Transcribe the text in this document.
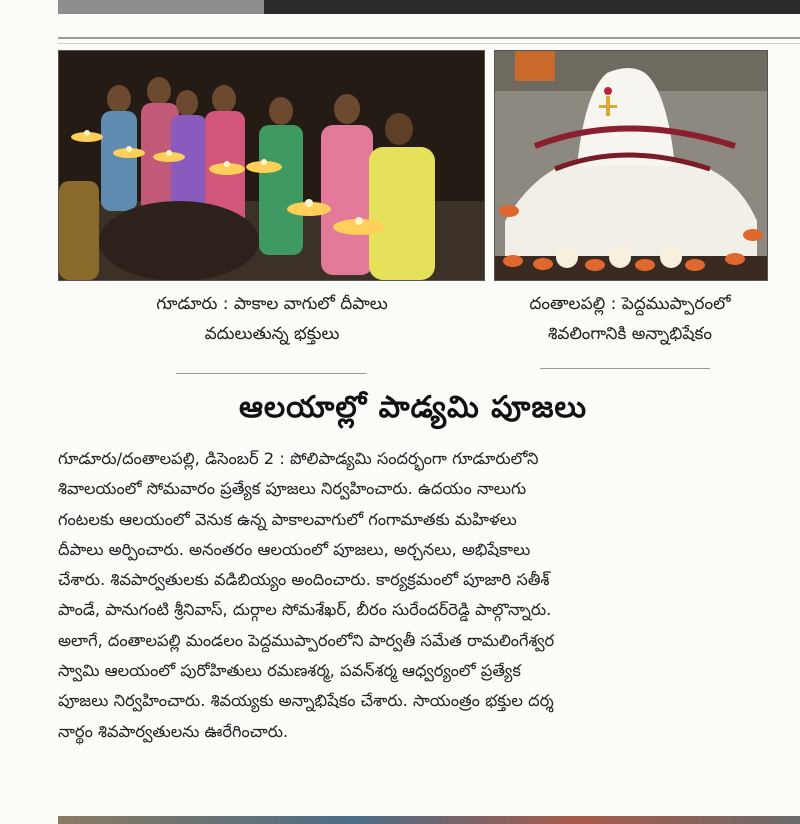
గూడూరు : పాకాల వాగులో దీపాలు
వదులుతున్న భక్తులు
దంతాలపల్లి : పెద్దముప్పారంలో
శివలింగానికి అన్నాభిషేకం
ఆలయాల్లో పాడ్యమి పూజలు
గూడూరు/దంతాలపల్లి, డిసెంబర్ 2 : పోలిపాడ్యమి సందర్భంగా గూడూరులోని
శివాలయంలో సోమవారం ప్రత్యేక పూజలు నిర్వహించారు. ఉదయం నాలుగు
గంటలకు ఆలయంలో వెనుక ఉన్న పాకాలవాగులో గంగామాతకు మహిళలు
దీపాలు అర్పించారు. అనంతరం ఆలయంలో పూజలు, అర్చనలు, అభిషేకాలు
చేశారు. శివపార్వతులకు వడిబియ్యం అందించారు. కార్యక్రమంలో పూజారి సతీశ్
పాండే, పానుగంటి శ్రీనివాస్, దుర్గాల సోమశేఖర్, బీరం సురేందర్‌రెడ్డి పాల్గొన్నారు.
అలాగే, దంతాలపల్లి మండలం పెద్దముప్పారంలోని పార్వతీ సమేత రామలింగేశ్వర
స్వామి ఆలయంలో పురోహితులు రమణశర్మ, పవన్‌శర్మ ఆధ్వర్యంలో ప్రత్యేక
పూజలు నిర్వహించారు. శివయ్యకు అన్నాభిషేకం చేశారు. సాయంత్రం భక్తుల దర్శ
నార్థం శివపార్వతులను ఊరేగించారు.
